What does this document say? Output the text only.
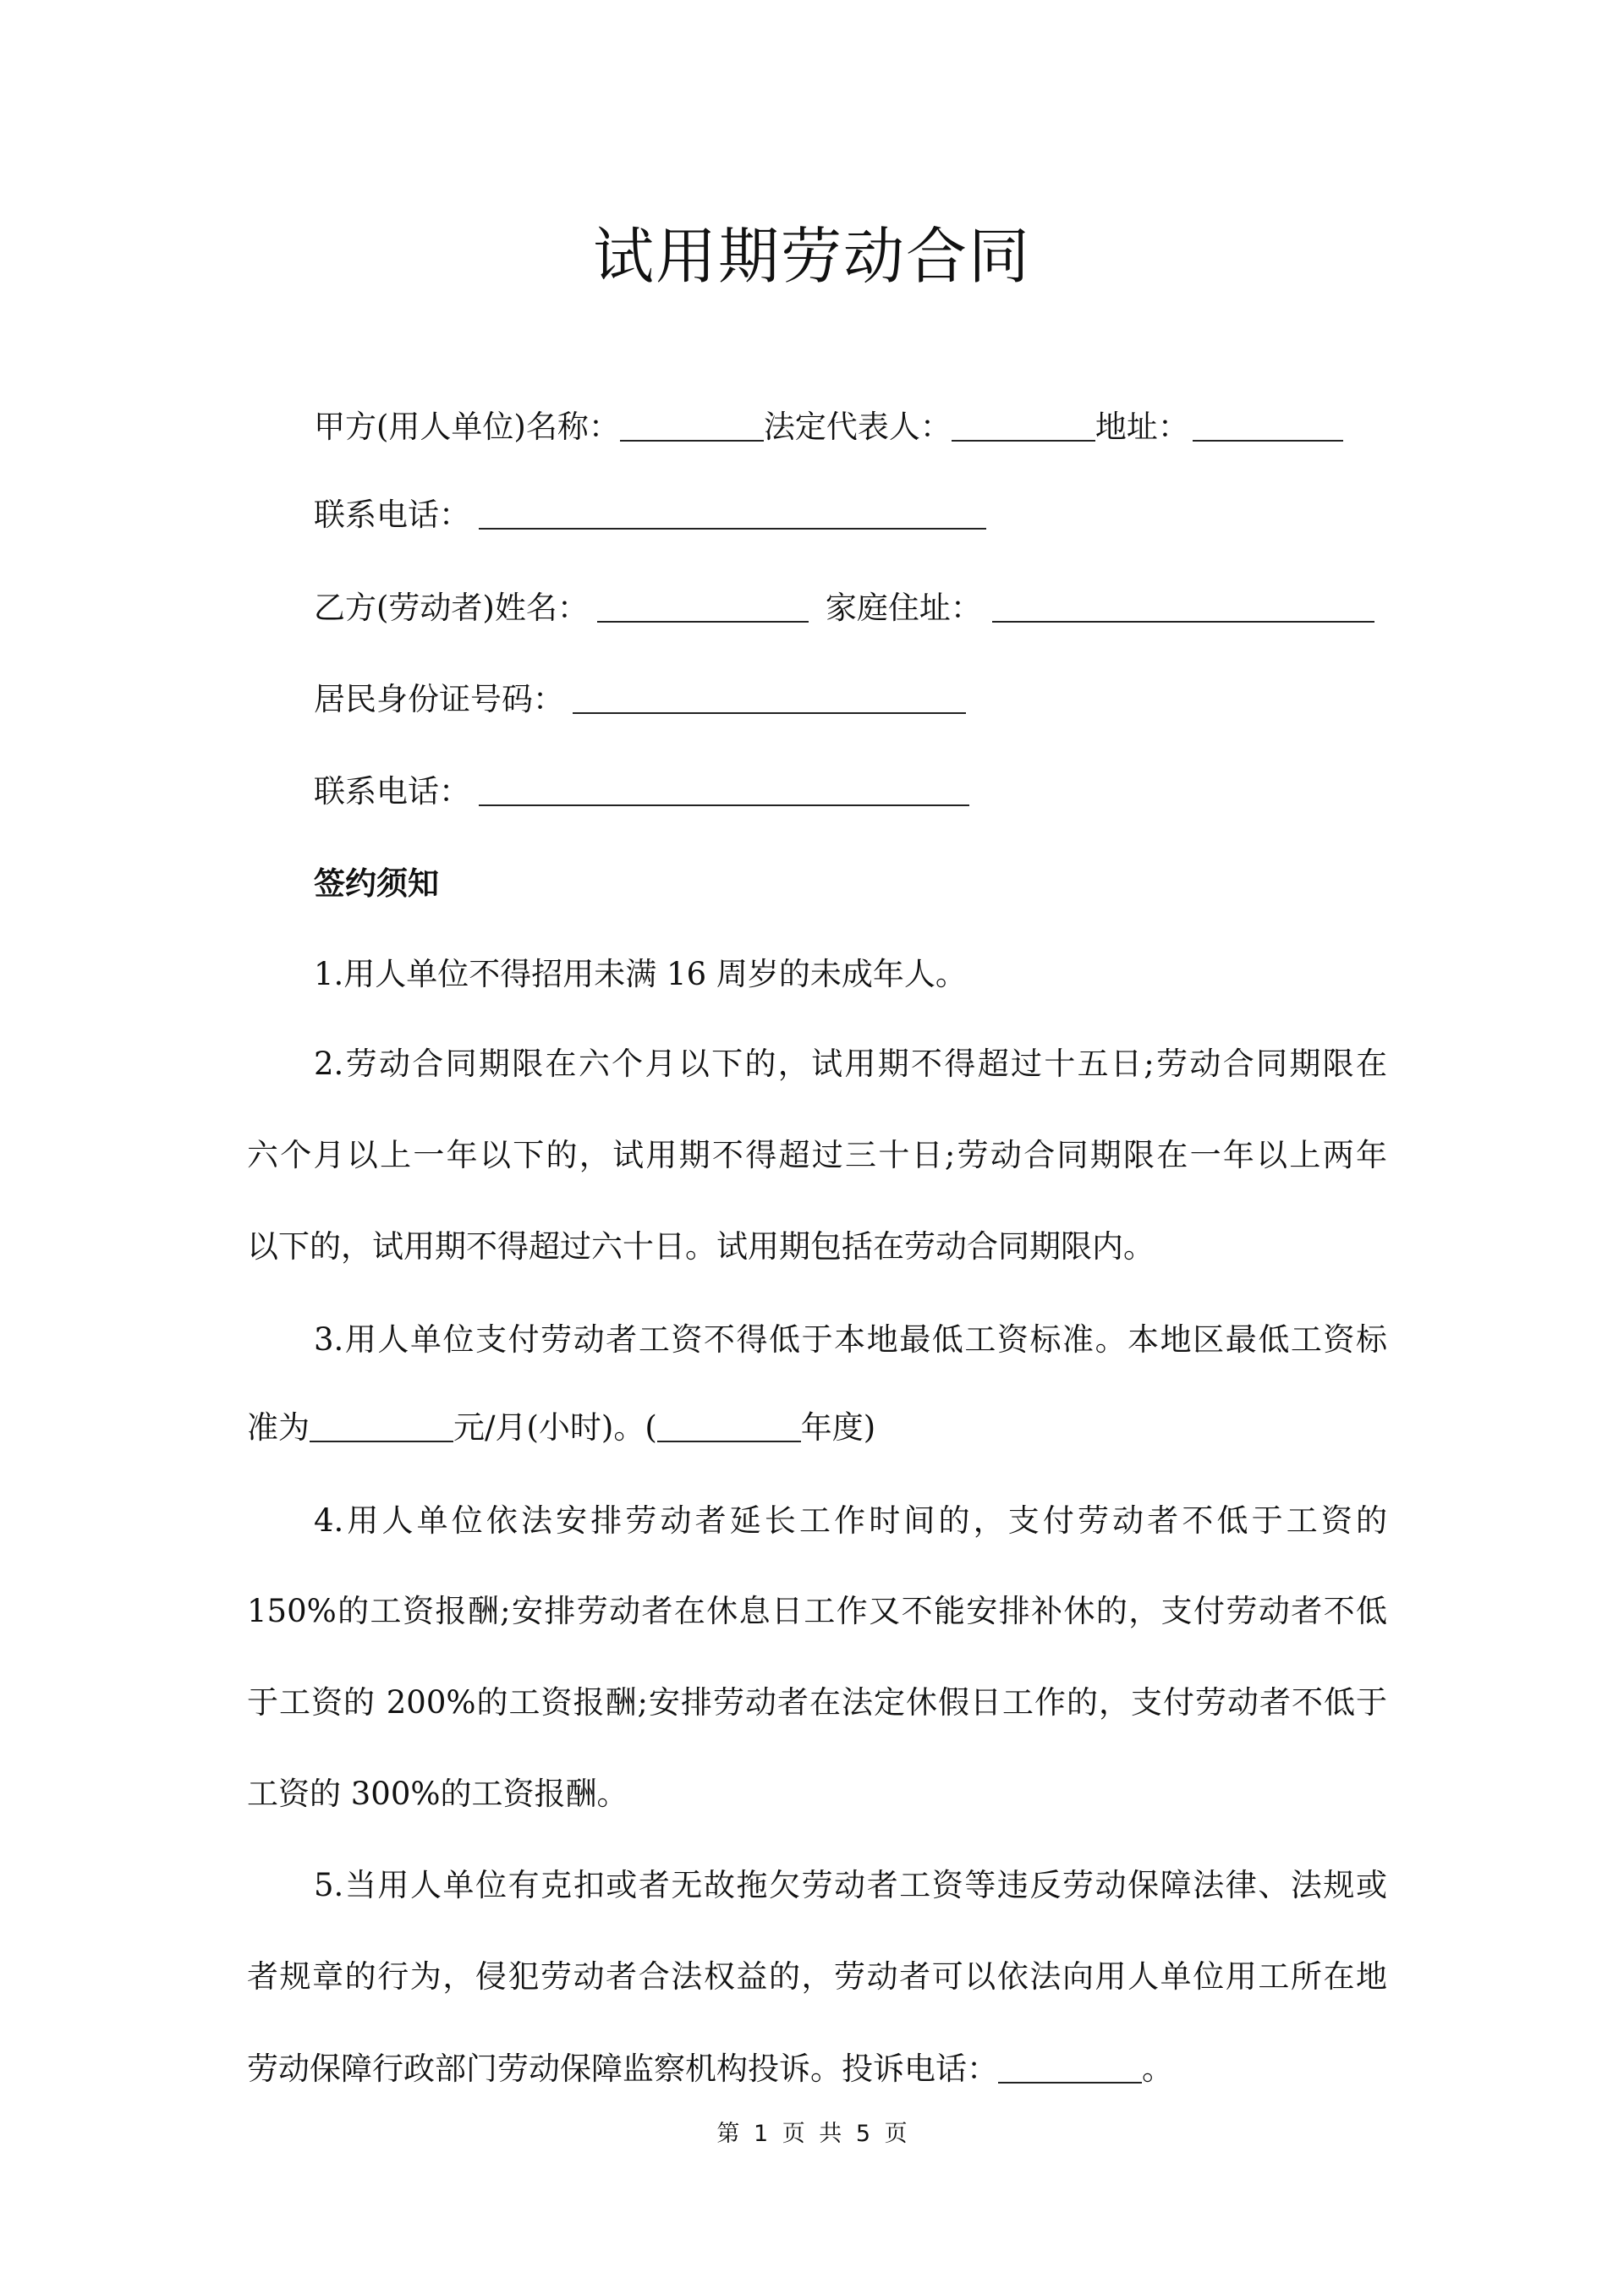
试用期劳动合同
甲方(用人单位)名称：	法定代表人：	地址：
联系电话：
乙方(劳动者)姓名：	家庭住址：
居民身份证号码：
联系电话：
签约须知
1.用人单位不得招用未满 16 周岁的未成年人。
2.劳动合同期限在六个月以下的，试用期不得超过十五日;劳动合同期限在
六个月以上一年以下的，试用期不得超过三十日;劳动合同期限在一年以上两年
以下的，试用期不得超过六十日。试用期包括在劳动合同期限内。
3.用人单位支付劳动者工资不得低于本地最低工资标准。本地区最低工资标
准为	元/月(小时)。(	年度)
4.用人单位依法安排劳动者延长工作时间的，支付劳动者不低于工资的
150%的工资报酬;安排劳动者在休息日工作又不能安排补休的，支付劳动者不低
于工资的 200%的工资报酬;安排劳动者在法定休假日工作的，支付劳动者不低于
工资的 300%的工资报酬。
5.当用人单位有克扣或者无故拖欠劳动者工资等违反劳动保障法律、法规或
者规章的行为，侵犯劳动者合法权益的，劳动者可以依法向用人单位用工所在地
劳动保障行政部门劳动保障监察机构投诉。投诉电话：	。
第 1 页 共 5 页
